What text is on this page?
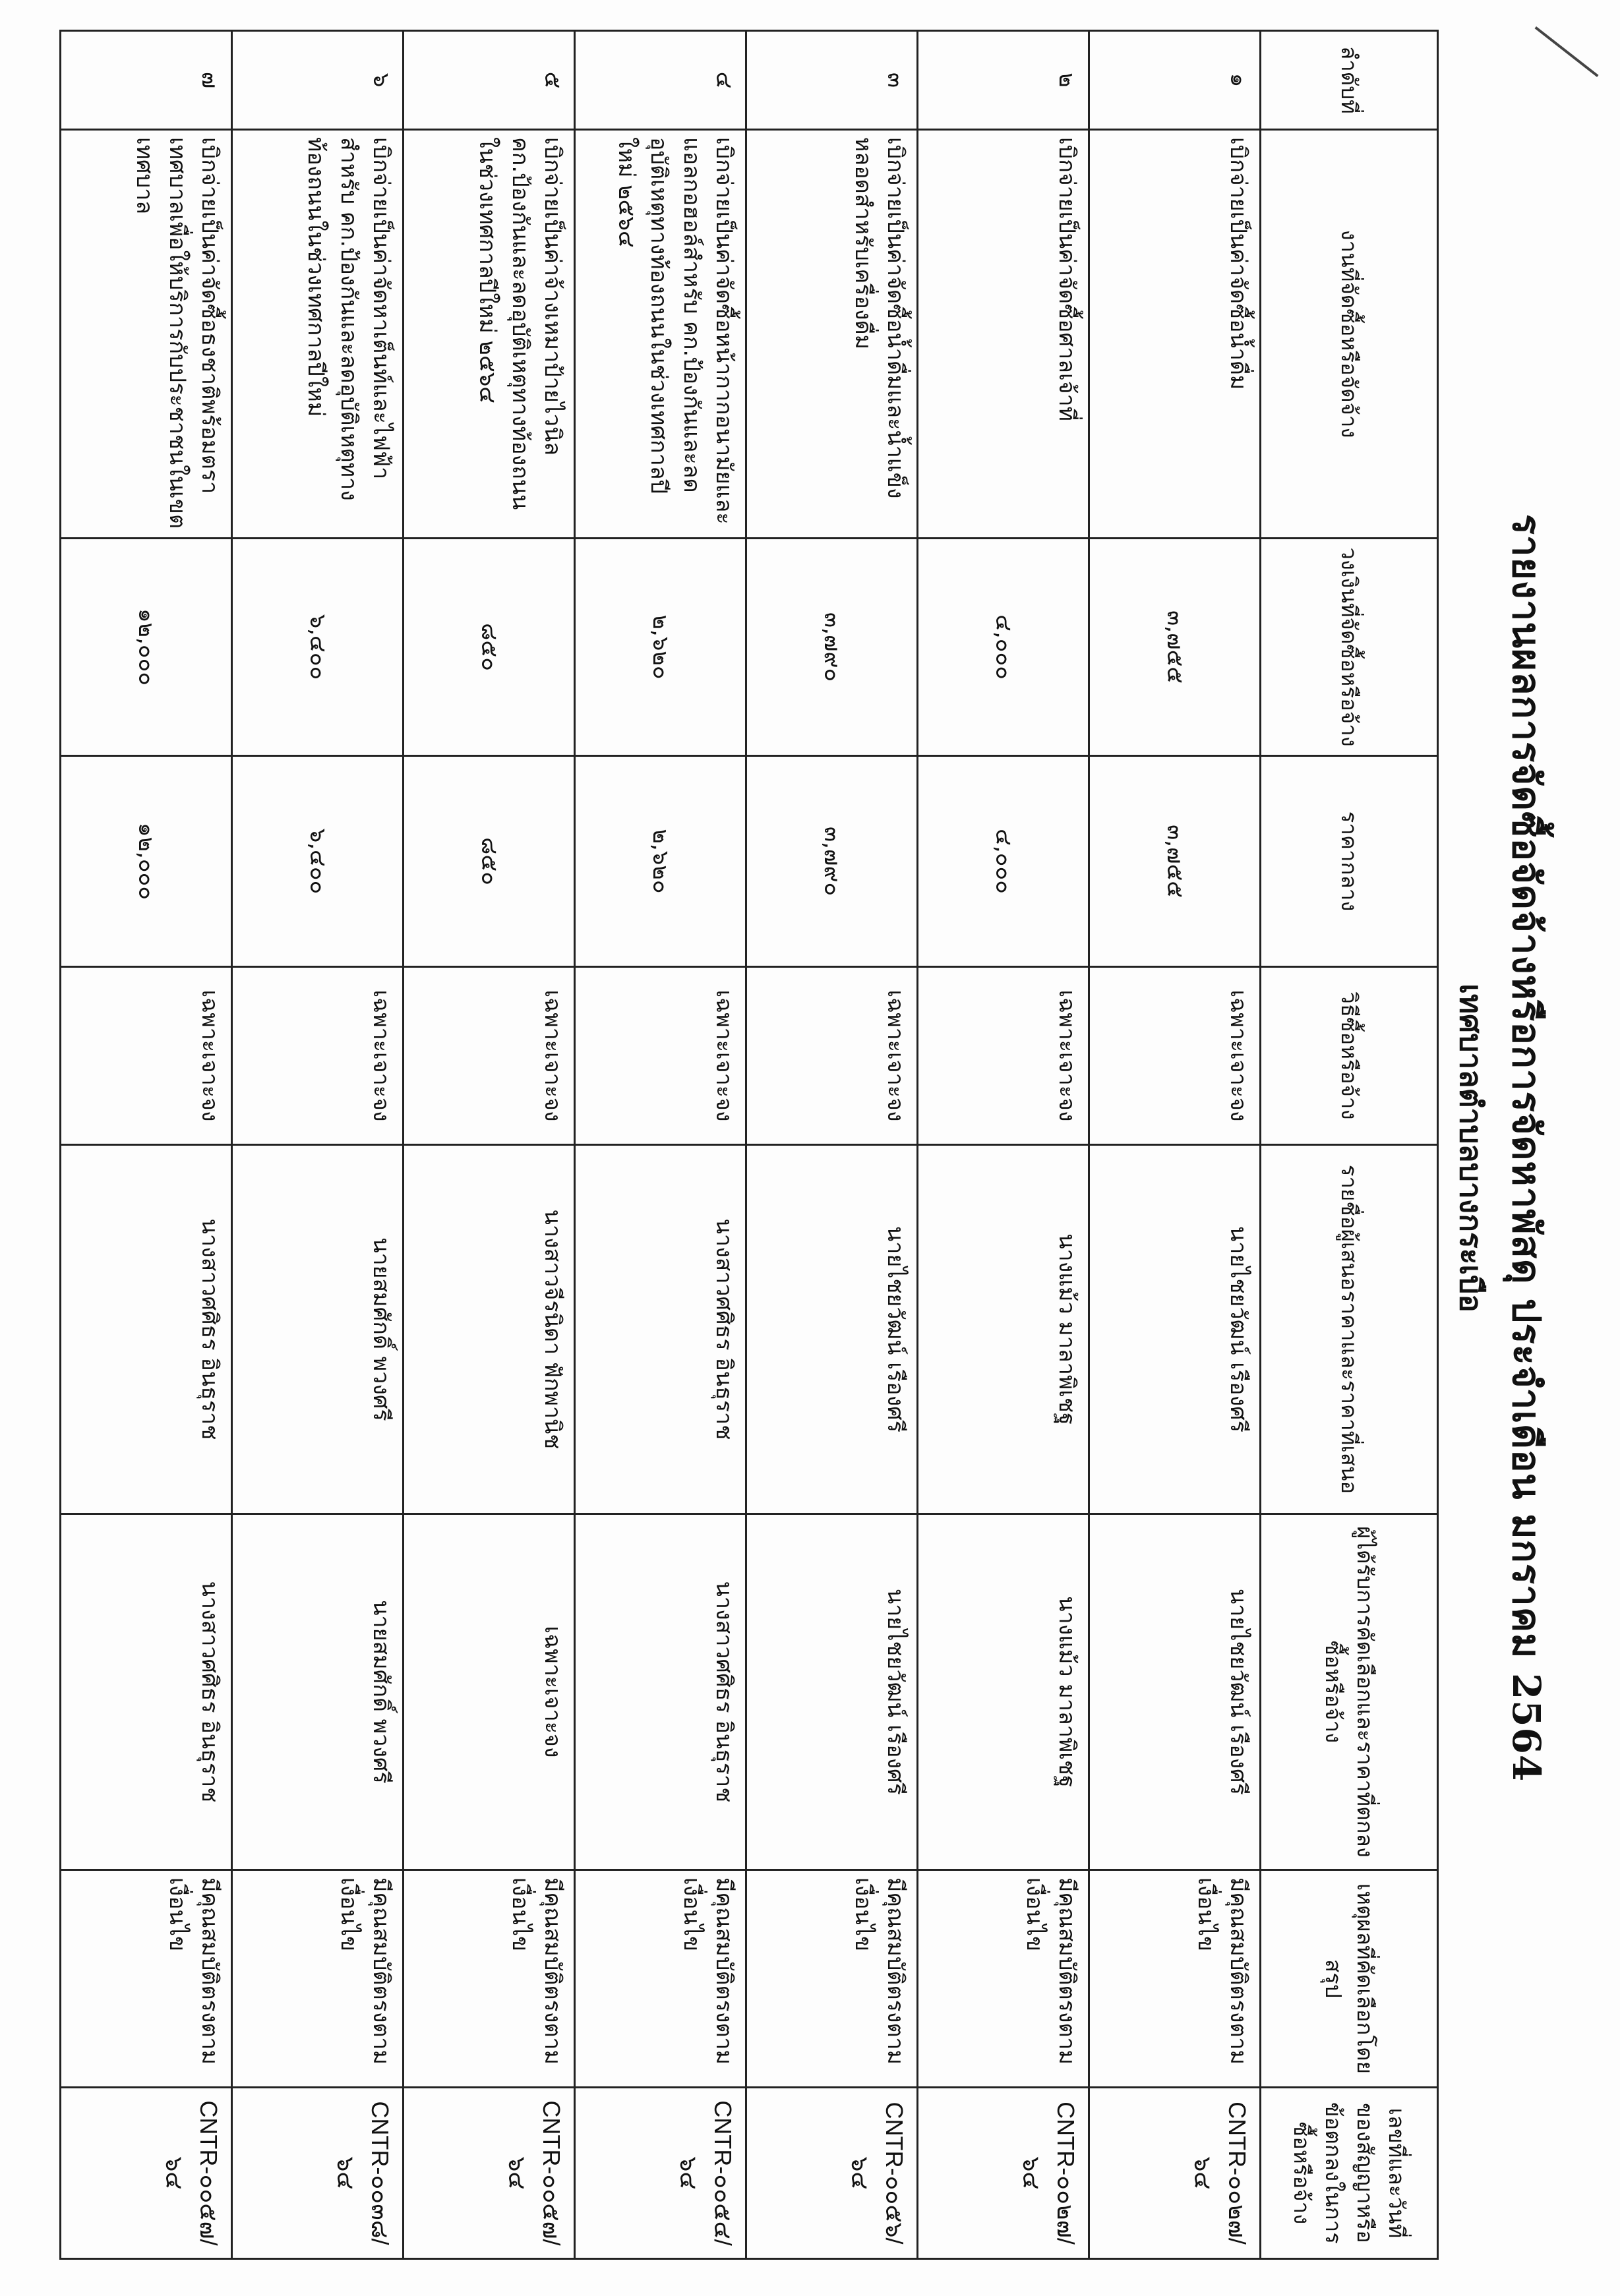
รายงานผลการจัดซื้อจัดจ้างหรือการจัดหาพัสดุ ประจำเดือน มกราคม 2564
เทศบาลตำบลบางกระเบือ
ลำดับที่	งานที่จัดซื้อหรือจัดจ้าง	วงเงินที่จัดซื้อหรือจ้าง	ราคากลาง	วิธีซื้อหรือจ้าง	รายชื่อผู้เสนอราคาและราคาที่เสนอ	ผู้ได้รับการคัดเลือกและราคาที่ตกลงซื้อหรือจ้าง	เหตุผลที่คัดเลือกโดยสรุป	เลขที่และวันที่ของสัญญาหรือข้อตกลงในการซื้อหรือจ้าง
๑	เบิกจ่ายเป็นค่าจัดซื้อน้ำดื่ม	๓,๗๕๕	๓,๗๕๕	เฉพาะเจาะจง	นายไชยวัฒน์ เรืองศรี	นายไชยวัฒน์ เรืองศรี	มีคุณสมบัติตรงตามเงื่อนไข	CNTR-๐๐๒๗/๖๔
๒	เบิกจ่ายเป็นค่าจัดซื้อศาลเจ้าที่	๔,๐๐๐	๔,๐๐๐	เฉพาะเจาะจง	นางแม้ว มาลาพิเชฐ	นางแม้ว มาลาพิเชฐ	มีคุณสมบัติตรงตามเงื่อนไข	CNTR-๐๐๒๗/๖๔
๓	เบิกจ่ายเป็นค่าจัดซื้อน้ำดื่มและน้ำแข็งหลอดสำหรับเครื่องดื่ม	๓,๗๙๐	๓,๗๙๐	เฉพาะเจาะจง	นายไชยวัฒน์ เรืองศรี	นายไชยวัฒน์ เรืองศรี	มีคุณสมบัติตรงตามเงื่อนไข	CNTR-๐๐๕๖/๖๔
๔	เบิกจ่ายเป็นค่าจัดซื้อหน้ากากอนามัยและแอลกอฮอล์สำหรับ คก.ป้องกันและลดอุบัติเหตุทางท้องถนนในช่วงเทศกาลปีใหม่ ๒๕๖๔	๒,๖๒๐	๒,๖๒๐	เฉพาะเจาะจง	นางสาวศศิธร อินธุราช	นางสาวศศิธร อินธุราช	มีคุณสมบัติตรงตามเงื่อนไข	CNTR-๐๐๕๔/๖๔
๕	เบิกจ่ายเป็นค่าจ้างเหมาป้ายไวนิล คก.ป้องกันและลดอุบัติเหตุทางท้องถนนในช่วงเทศกาลปีใหม่ ๒๕๖๔	๘๕๐	๘๕๐	เฉพาะเจาะจง	นางสาวจีรนิดา ฟักพานิช	เฉพาะเจาะจง	มีคุณสมบัติตรงตามเงื่อนไข	CNTR-๐๐๕๗/๖๔
๖	เบิกจ่ายเป็นค่าจัดหาเต็นท์และไฟฟ้าสำหรับ คก.ป้องกันและลดอุบัติเหตุทางท้องถนนในช่วงเทศกาลปีใหม่	๖,๔๐๐	๖,๔๐๐	เฉพาะเจาะจง	นายสมศักดิ์ พวงศรี	นายสมศักดิ์ พวงศรี	มีคุณสมบัติตรงตามเงื่อนไข	CNTR-๐๐๓๘/๖๔
๗	เบิกจ่ายเป็นค่าจัดซื้อธงชาติพร้อมตราเทศบาลเพื่อให้บริการกับประชาชนในเขตเทศบาล	๑๒,๐๐๐	๑๒,๐๐๐	เฉพาะเจาะจง	นางสาวศศิธร อินธุราช	นางสาวศศิธร อินธุราช	มีคุณสมบัติตรงตามเงื่อนไข	CNTR-๐๐๕๗/๖๔
